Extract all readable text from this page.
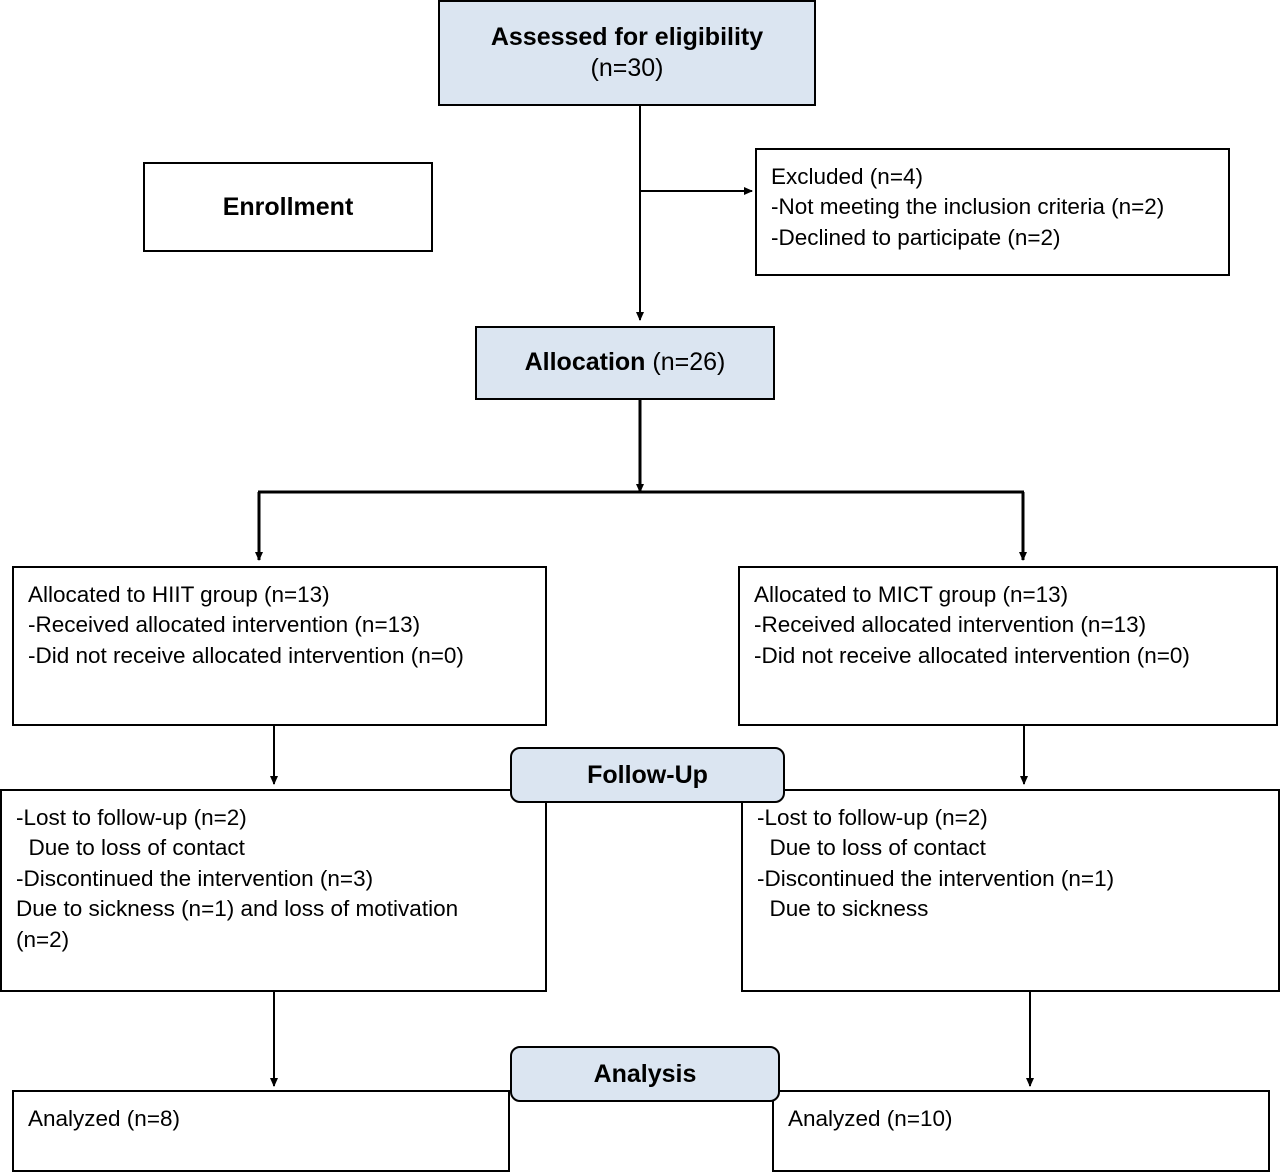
Assessed for eligibility
(n=30)
Enrollment
Excluded (n=4)
-Not meeting the inclusion criteria (n=2)
-Declined to participate (n=2)
Allocation
(n=26)
Allocated to HIIT group (n=13)
-Received allocated intervention (n=13)
-Did not receive allocated intervention (n=0)
Allocated to MICT group (n=13)
-Received allocated intervention (n=13)
-Did not receive allocated intervention (n=0)
-Lost to follow-up (n=2)
Due to loss of contact
-Discontinued the intervention (n=3)
Due to sickness (n=1) and loss of motivation
(n=2)
-Lost to follow-up (n=2)
Due to loss of contact
-Discontinued the intervention (n=1)
Due to sickness
Follow-Up
Analyzed (n=8)	Analyzed (n=10)
Analysis
